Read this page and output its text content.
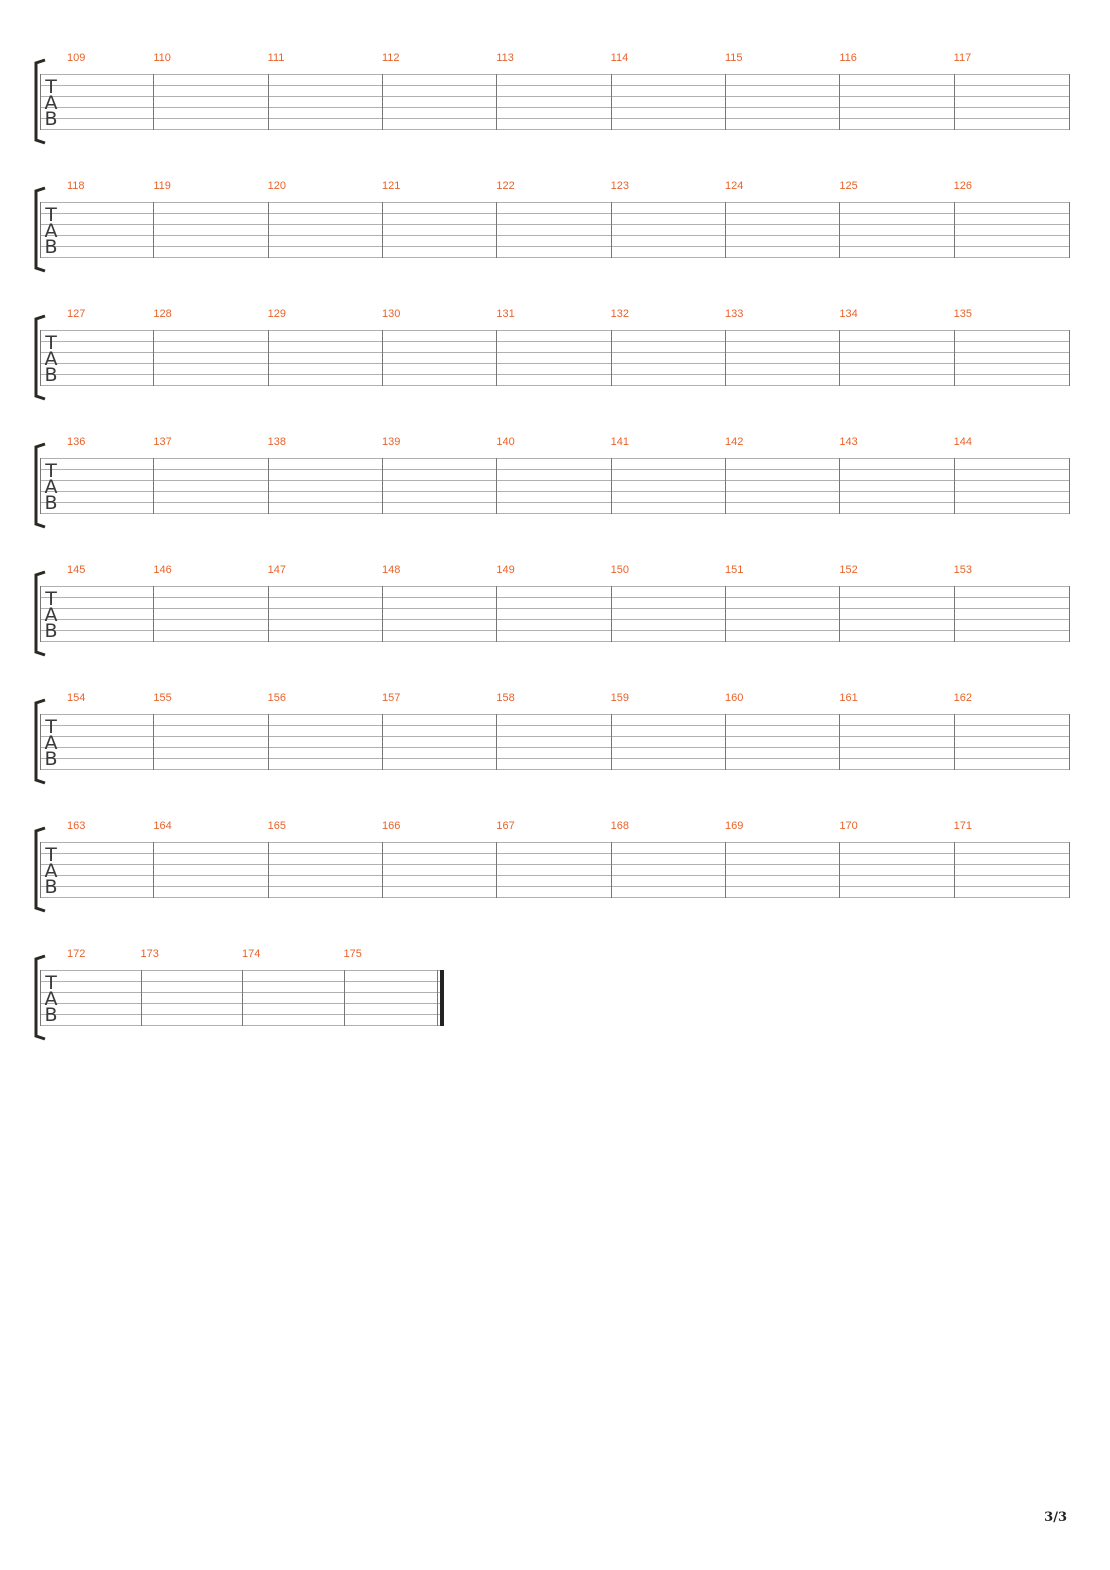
T
A
B
109	110	111	112	113	114	115	116	117
T
A
B
118	119	120	121	122	123	124	125	126
T
A
B
127	128	129	130	131	132	133	134	135
T
A
B
136	137	138	139	140	141	142	143	144
T
A
B
145	146	147	148	149	150	151	152	153
T
A
B
154	155	156	157	158	159	160	161	162
T
A
B
163	164	165	166	167	168	169	170	171
T
A
B
172	173	174	175
3/3
